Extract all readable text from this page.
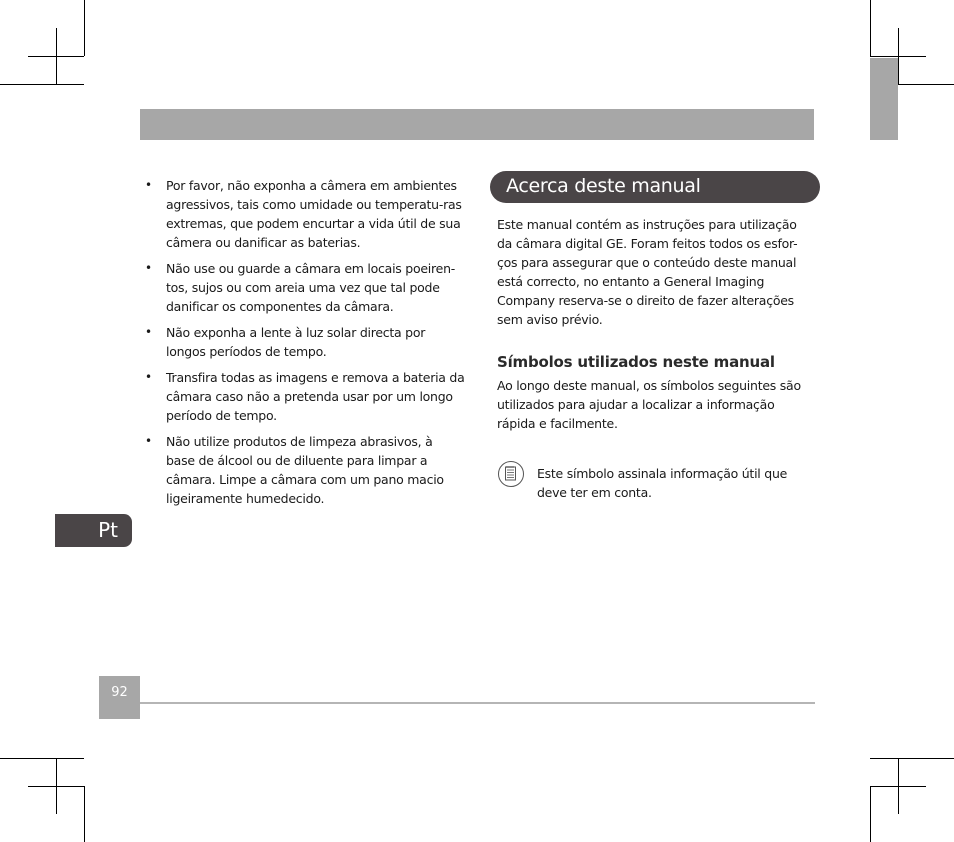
• Por favor, não exponha a câmera em ambientes agressivos, tais como umidade ou temperatu-ras extremas, que podem encurtar a vida útil de sua câmera ou danificar as baterias.
• Não use ou guarde a câmara em locais poeiren-tos, sujos ou com areia uma vez que tal pode danificar os componentes da câmara.
• Não exponha a lente à luz solar directa por longos períodos de tempo.
• Transfira todas as imagens e remova a bateria da câmara caso não a pretenda usar por um longo período de tempo.
• Não utilize produtos de limpeza abrasivos, à base de álcool ou de diluente para limpar a câmara. Limpe a câmara com um pano macio ligeiramente humedecido.
Acerca deste manual

Este manual contém as instruções para utilização da câmara digital GE. Foram feitos todos os esfor-ços para assegurar que o conteúdo deste manual está correcto, no entanto a General Imaging Company reserva-se o direito de fazer alterações sem aviso prévio.

Símbolos utilizados neste manual

Ao longo deste manual, os símbolos seguintes são utilizados para ajudar a localizar a informação rápida e facilmente.

Este símbolo assinala informação útil que deve ter em conta.
Pt
92
